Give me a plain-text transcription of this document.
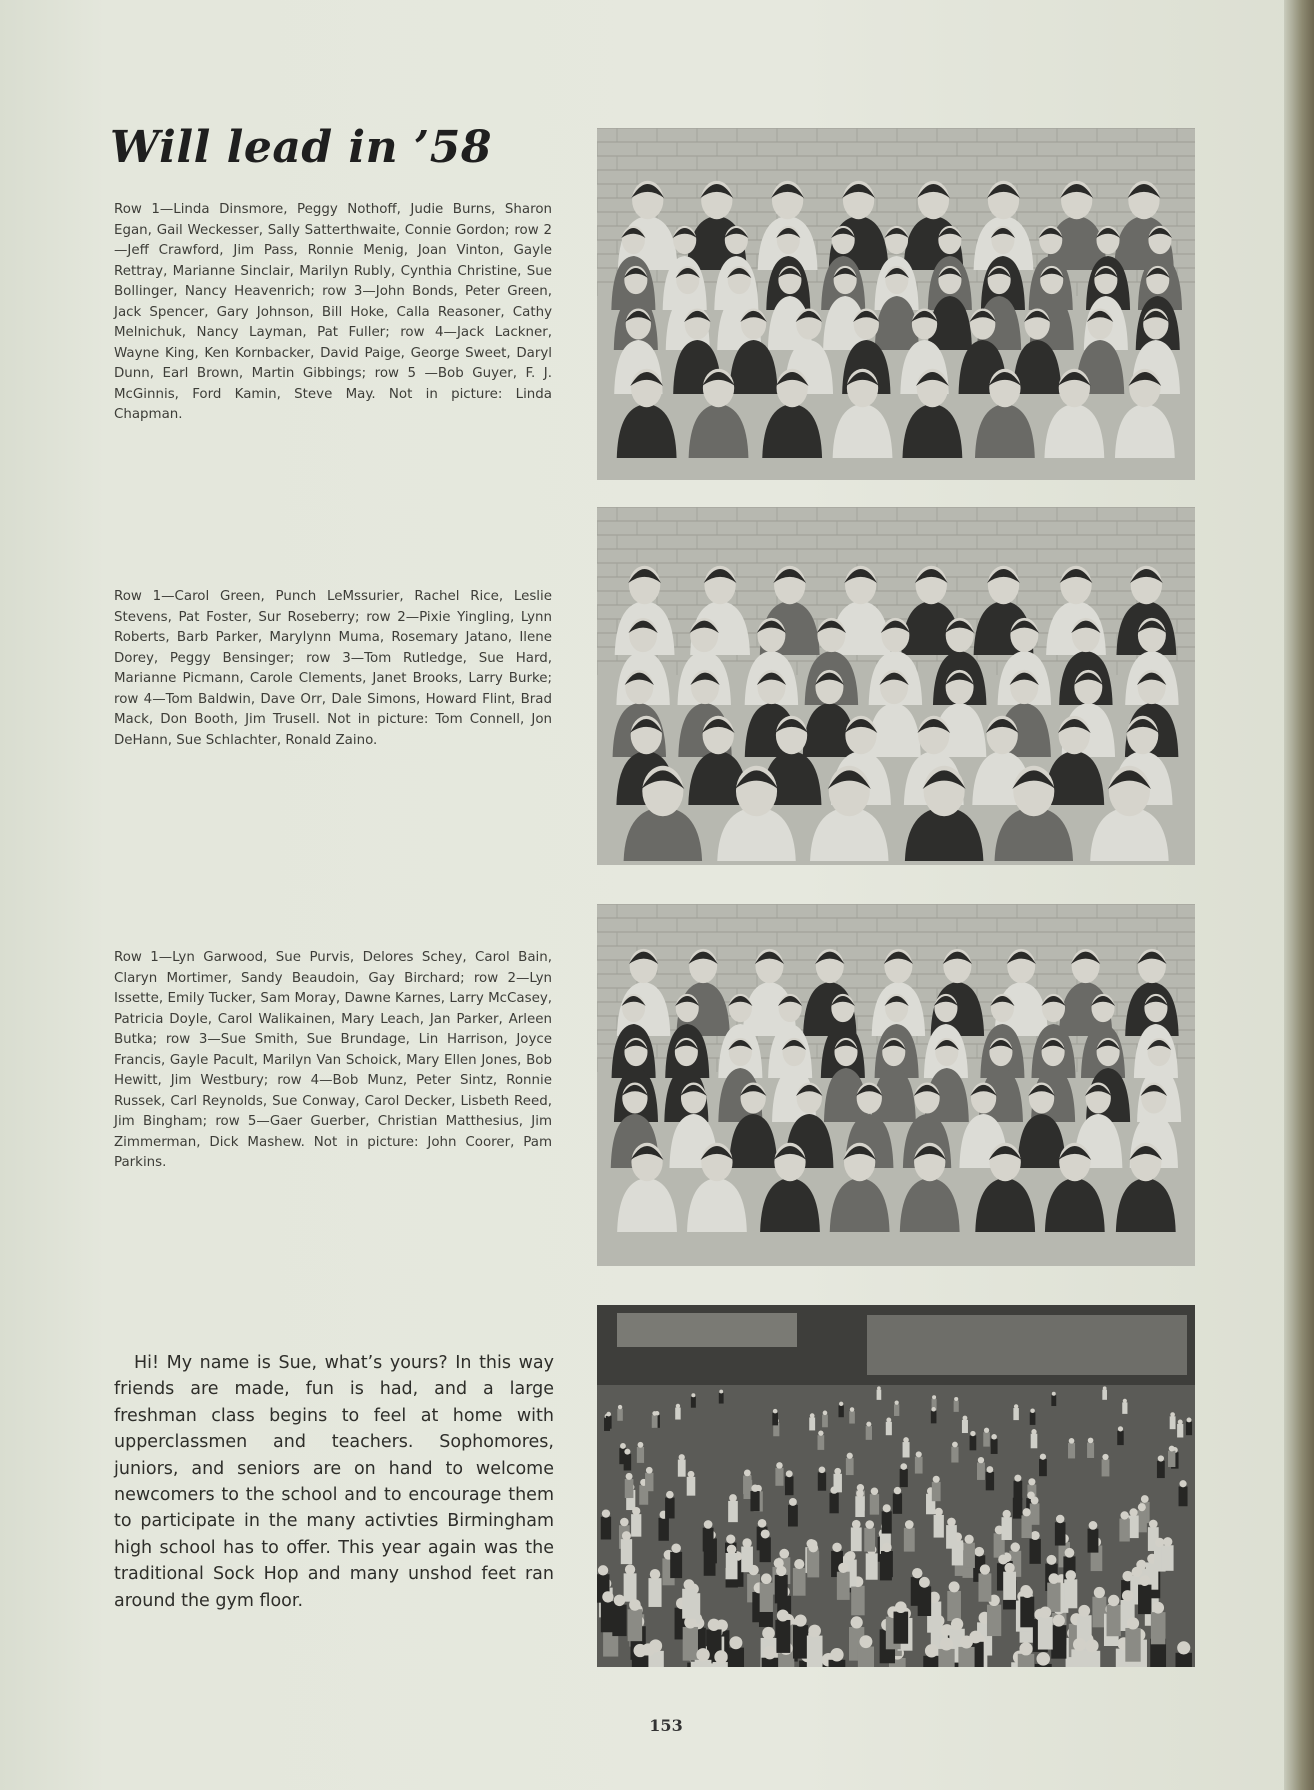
Will lead in ’58

Row 1—Linda Dinsmore, Peggy Nothoff, Judie Burns, Sharon Egan, Gail Weckesser, Sally Satterthwaite, Connie Gordon; row 2—Jeff Crawford, Jim Pass, Ronnie Menig, Joan Vinton, Gayle Rettray, Marianne Sinclair, Marilyn Rubly, Cynthia Christine, Sue Bollinger, Nancy Heavenrich; row 3—John Bonds, Peter Green, Jack Spencer, Gary Johnson, Bill Hoke, Calla Reasoner, Cathy Melnichuk, Nancy Layman, Pat Fuller; row 4—Jack Lackner, Wayne King, Ken Kornbacker, David Paige, George Sweet, Daryl Dunn, Earl Brown, Martin Gibbings; row 5 —Bob Guyer, F. J. McGinnis, Ford Kamin, Steve May. Not in picture: Linda Chapman.

Row 1—Carol Green, Punch LeMssurier, Rachel Rice, Leslie Stevens, Pat Foster, Sur Roseberry; row 2—Pixie Yingling, Lynn Roberts, Barb Parker, Marylynn Muma, Rosemary Jatano, Ilene Dorey, Peggy Bensinger; row 3—Tom Rutledge, Sue Hard, Marianne Picmann, Carole Clements, Janet Brooks, Larry Burke; row 4—Tom Baldwin, Dave Orr, Dale Simons, Howard Flint, Brad Mack, Don Booth, Jim Trusell. Not in picture: Tom Connell, Jon DeHann, Sue Schlachter, Ronald Zaino.

Row 1—Lyn Garwood, Sue Purvis, Delores Schey, Carol Bain, Claryn Mortimer, Sandy Beaudoin, Gay Birchard; row 2—Lyn Issette, Emily Tucker, Sam Moray, Dawne Karnes, Larry McCasey, Patricia Doyle, Carol Walikainen, Mary Leach, Jan Parker, Arleen Butka; row 3—Sue Smith, Sue Brundage, Lin Harrison, Joyce Francis, Gayle Pacult, Marilyn Van Schoick, Mary Ellen Jones, Bob Hewitt, Jim Westbury; row 4—Bob Munz, Peter Sintz, Ronnie Russek, Carl Reynolds, Sue Conway, Carol Decker, Lisbeth Reed, Jim Bingham; row 5—Gaer Guerber, Christian Matthesius, Jim Zimmerman, Dick Mashew. Not in picture: John Coorer, Pam Parkins.

Hi! My name is Sue, what’s yours? In this way friends are made, fun is had, and a large freshman class begins to feel at home with upperclassmen and teachers. Sophomores, juniors, and seniors are on hand to welcome newcomers to the school and to encourage them to participate in the many activties Birmingham high school has to offer. This year again was the traditional Sock Hop and many unshod feet ran around the gym floor.

153
